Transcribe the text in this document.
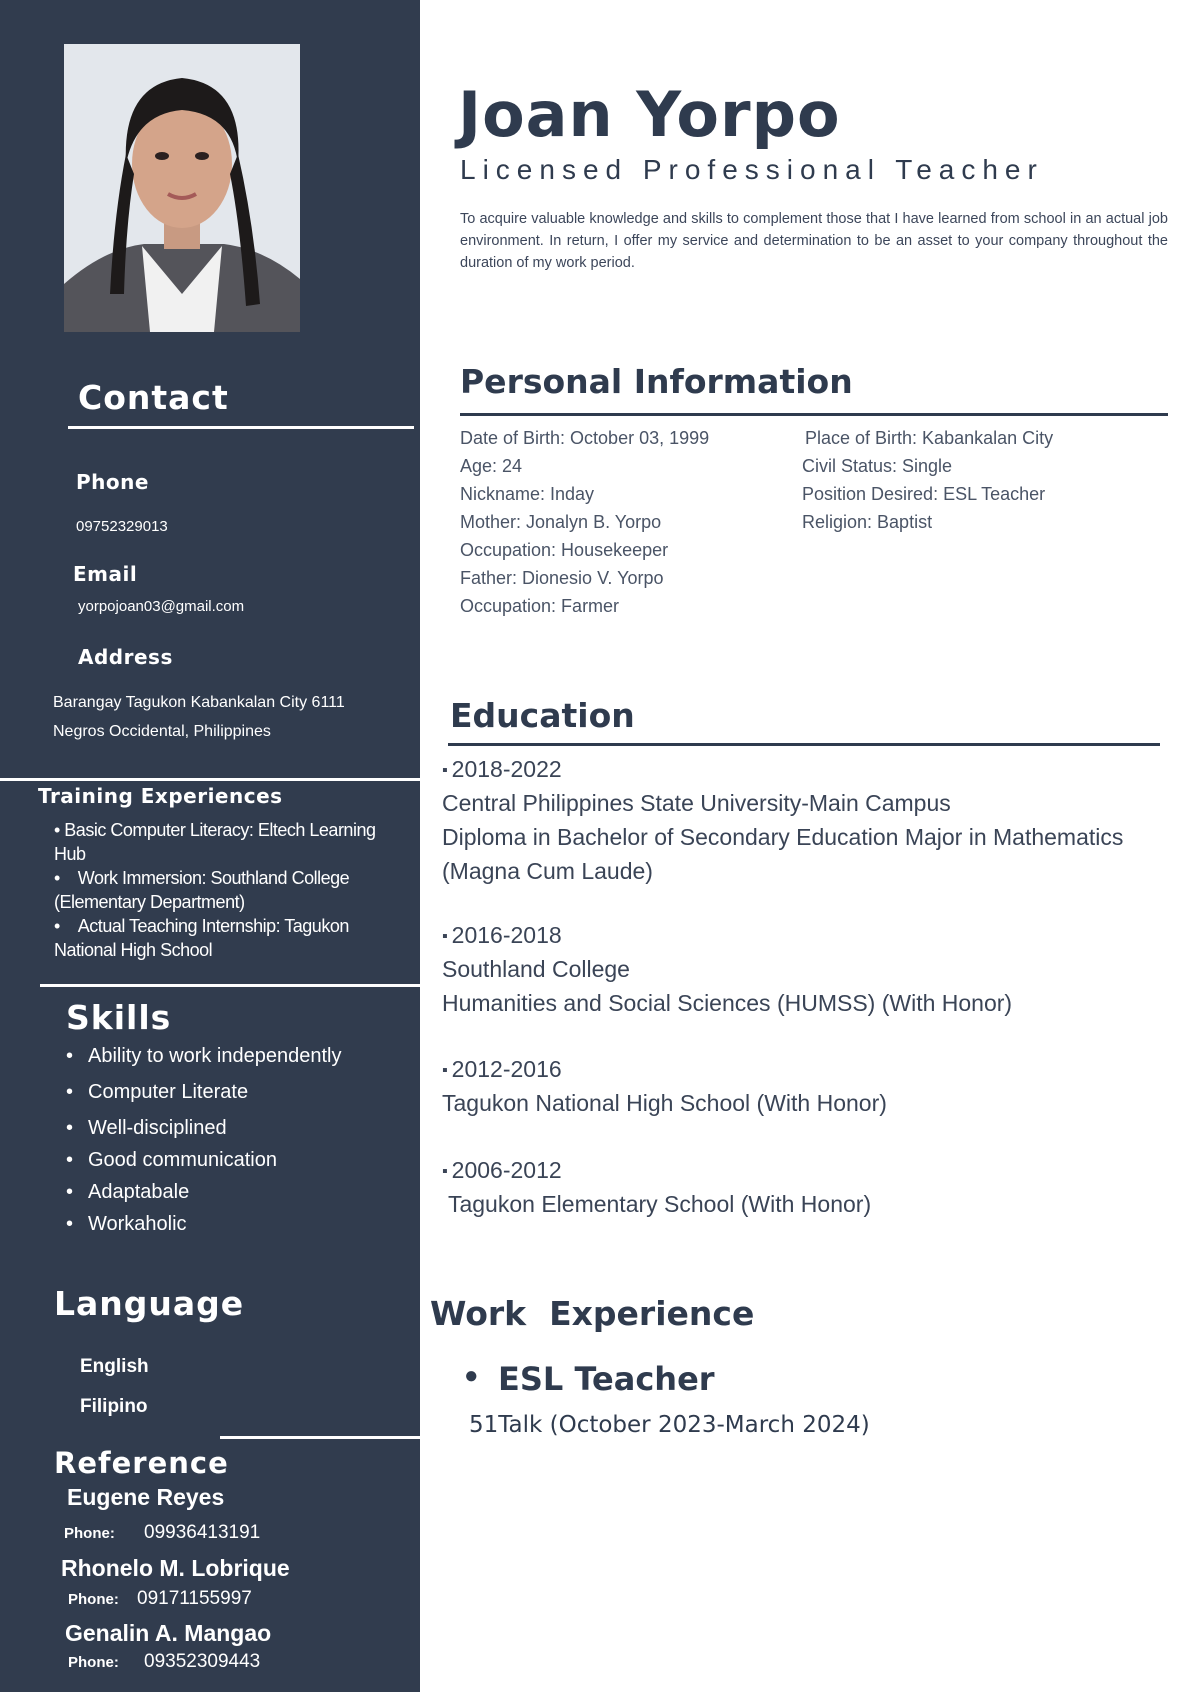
Contact
Phone
09752329013
Email
yorpojoan03@gmail.com
Address
Barangay Tagukon Kabankalan City 6111
Negros Occidental, Philippines
Training Experiences
• Basic Computer Literacy: Eltech Learning Hub
•    Work Immersion: Southland College (Elementary Department)
•    Actual Teaching Internship: Tagukon National High School
Skills
• Ability to work independently
• Computer Literate
• Well-disciplined
• Good communication
• Adaptabale
• Workaholic
Language
English
Filipino
Reference
Eugene Reyes
Phone: 09936413191
Rhonelo M. Lobrique
Phone: 09171155997
Genalin A. Mangao
Phone: 09352309443
Joan Yorpo
Licensed Professional Teacher
To acquire valuable knowledge and skills to complement those that I have learned from school in an actual job environment. In return, I offer my service and determination to be an asset to your company throughout the duration of my work period.
Personal Information
Date of Birth: October 03, 1999
Age: 24
Nickname: Inday
Mother: Jonalyn B. Yorpo
Occupation: Housekeeper
Father: Dionesio V. Yorpo
Occupation: Farmer
Place of Birth: Kabankalan City
Civil Status: Single
Position Desired: ESL Teacher
Religion: Baptist
Education
▪ 2018-2022
Central Philippines State University-Main Campus
Diploma in Bachelor of Secondary Education Major in Mathematics
(Magna Cum Laude)
▪ 2016-2018
Southland College
Humanities and Social Sciences (HUMSS) (With Honor)
▪ 2012-2016
Tagukon National High School (With Honor)
▪ 2006-2012
Tagukon Elementary School (With Honor)
Work  Experience
● ESL Teacher
51Talk (October 2023-March 2024)
